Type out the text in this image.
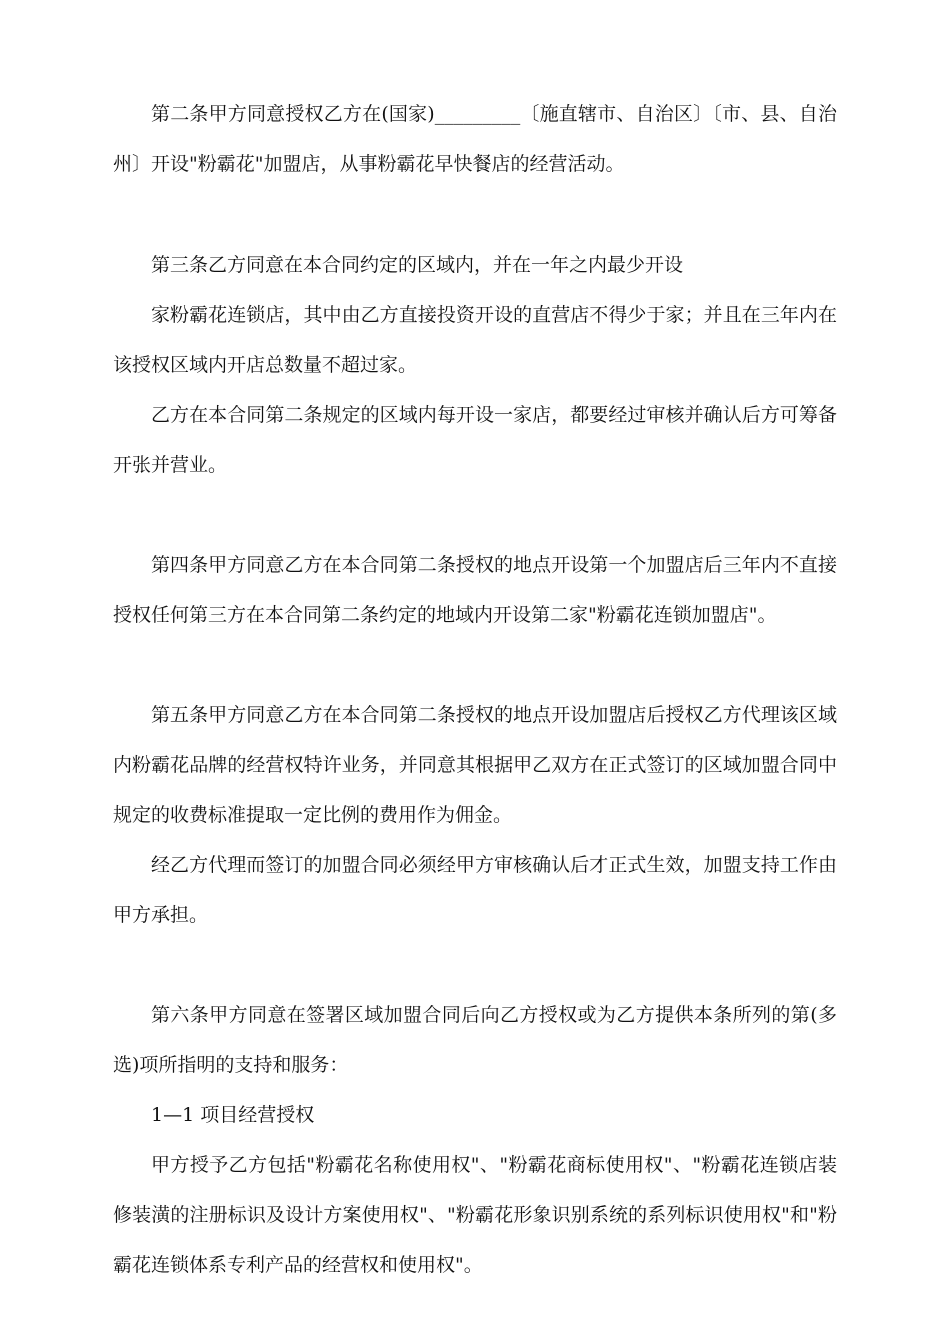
第二条甲方同意授权乙方在(国家)_________〔施直辖市、自治区〕〔市、县、自治州〕开设"粉霸花"加盟店，从事粉霸花早快餐店的经营活动。

第三条乙方同意在本合同约定的区域内，并在一年之内最少开设

家粉霸花连锁店，其中由乙方直接投资开设的直营店不得少于家；并且在三年内在该授权区域内开店总数量不超过家。

乙方在本合同第二条规定的区域内每开设一家店，都要经过审核并确认后方可筹备开张并营业。

第四条甲方同意乙方在本合同第二条授权的地点开设第一个加盟店后三年内不直接授权任何第三方在本合同第二条约定的地域内开设第二家"粉霸花连锁加盟店"。

第五条甲方同意乙方在本合同第二条授权的地点开设加盟店后授权乙方代理该区域内粉霸花品牌的经营权特许业务，并同意其根据甲乙双方在正式签订的区域加盟合同中规定的收费标准提取一定比例的费用作为佣金。

经乙方代理而签订的加盟合同必须经甲方审核确认后才正式生效，加盟支持工作由甲方承担。

第六条甲方同意在签署区域加盟合同后向乙方授权或为乙方提供本条所列的第(多选)项所指明的支持和服务：

1—1 项目经营授权

甲方授予乙方包括"粉霸花名称使用权"、"粉霸花商标使用权"、"粉霸花连锁店装修装潢的注册标识及设计方案使用权"、"粉霸花形象识别系统的系列标识使用权"和"粉霸花连锁体系专利产品的经营权和使用权"。
